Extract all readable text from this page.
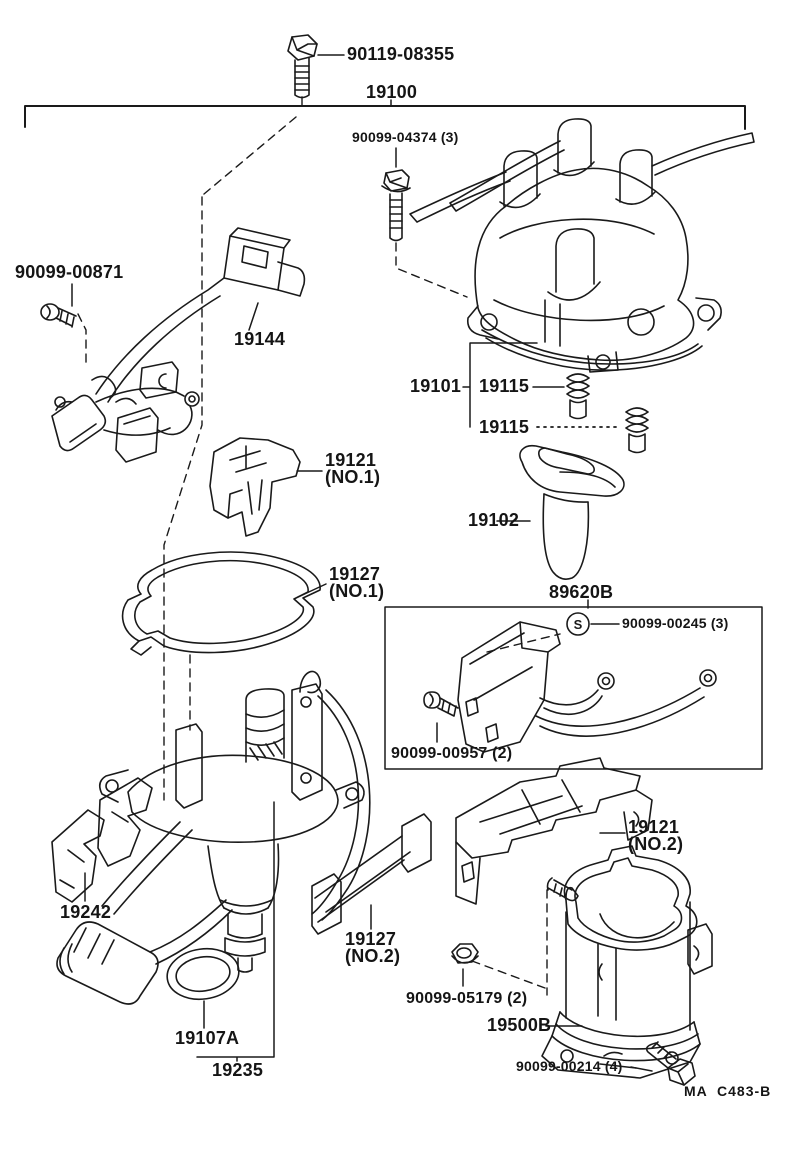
S
90119-08355
19100
90099-04374 (3)
90099-00871
19144
19101 19115
19115
19102
19121
(NO.1)
19127
(NO.1)	89620B
90099-00245 (3)
90099-00957 (2)
19242
19107A
19235
19127
(NO.2)
19121
(NO.2)
90099-05179 (2)
19500B
90099-00214 (4)
MA  C483-B
